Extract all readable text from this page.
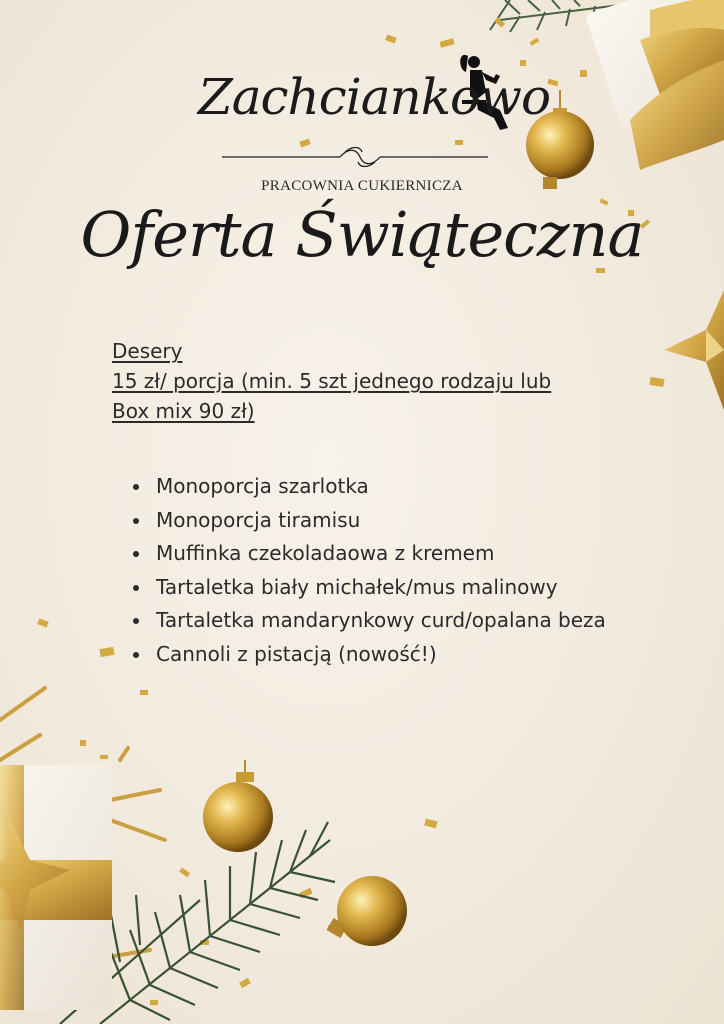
Zachciankowo
PRACOWNIA CUKIERNICZA
Oferta Świąteczna
Desery
15 zł/ porcja (min. 5 szt jednego rodzaju lub
Box mix 90 zł)
• Monoporcja szarlotka
• Monoporcja tiramisu
• Muffinka czekoladaowa z kremem
• Tartaletka biały michałek/mus malinowy
• Tartaletka mandarynkowy curd/opalana beza
• Cannoli z pistacją (nowość!)
